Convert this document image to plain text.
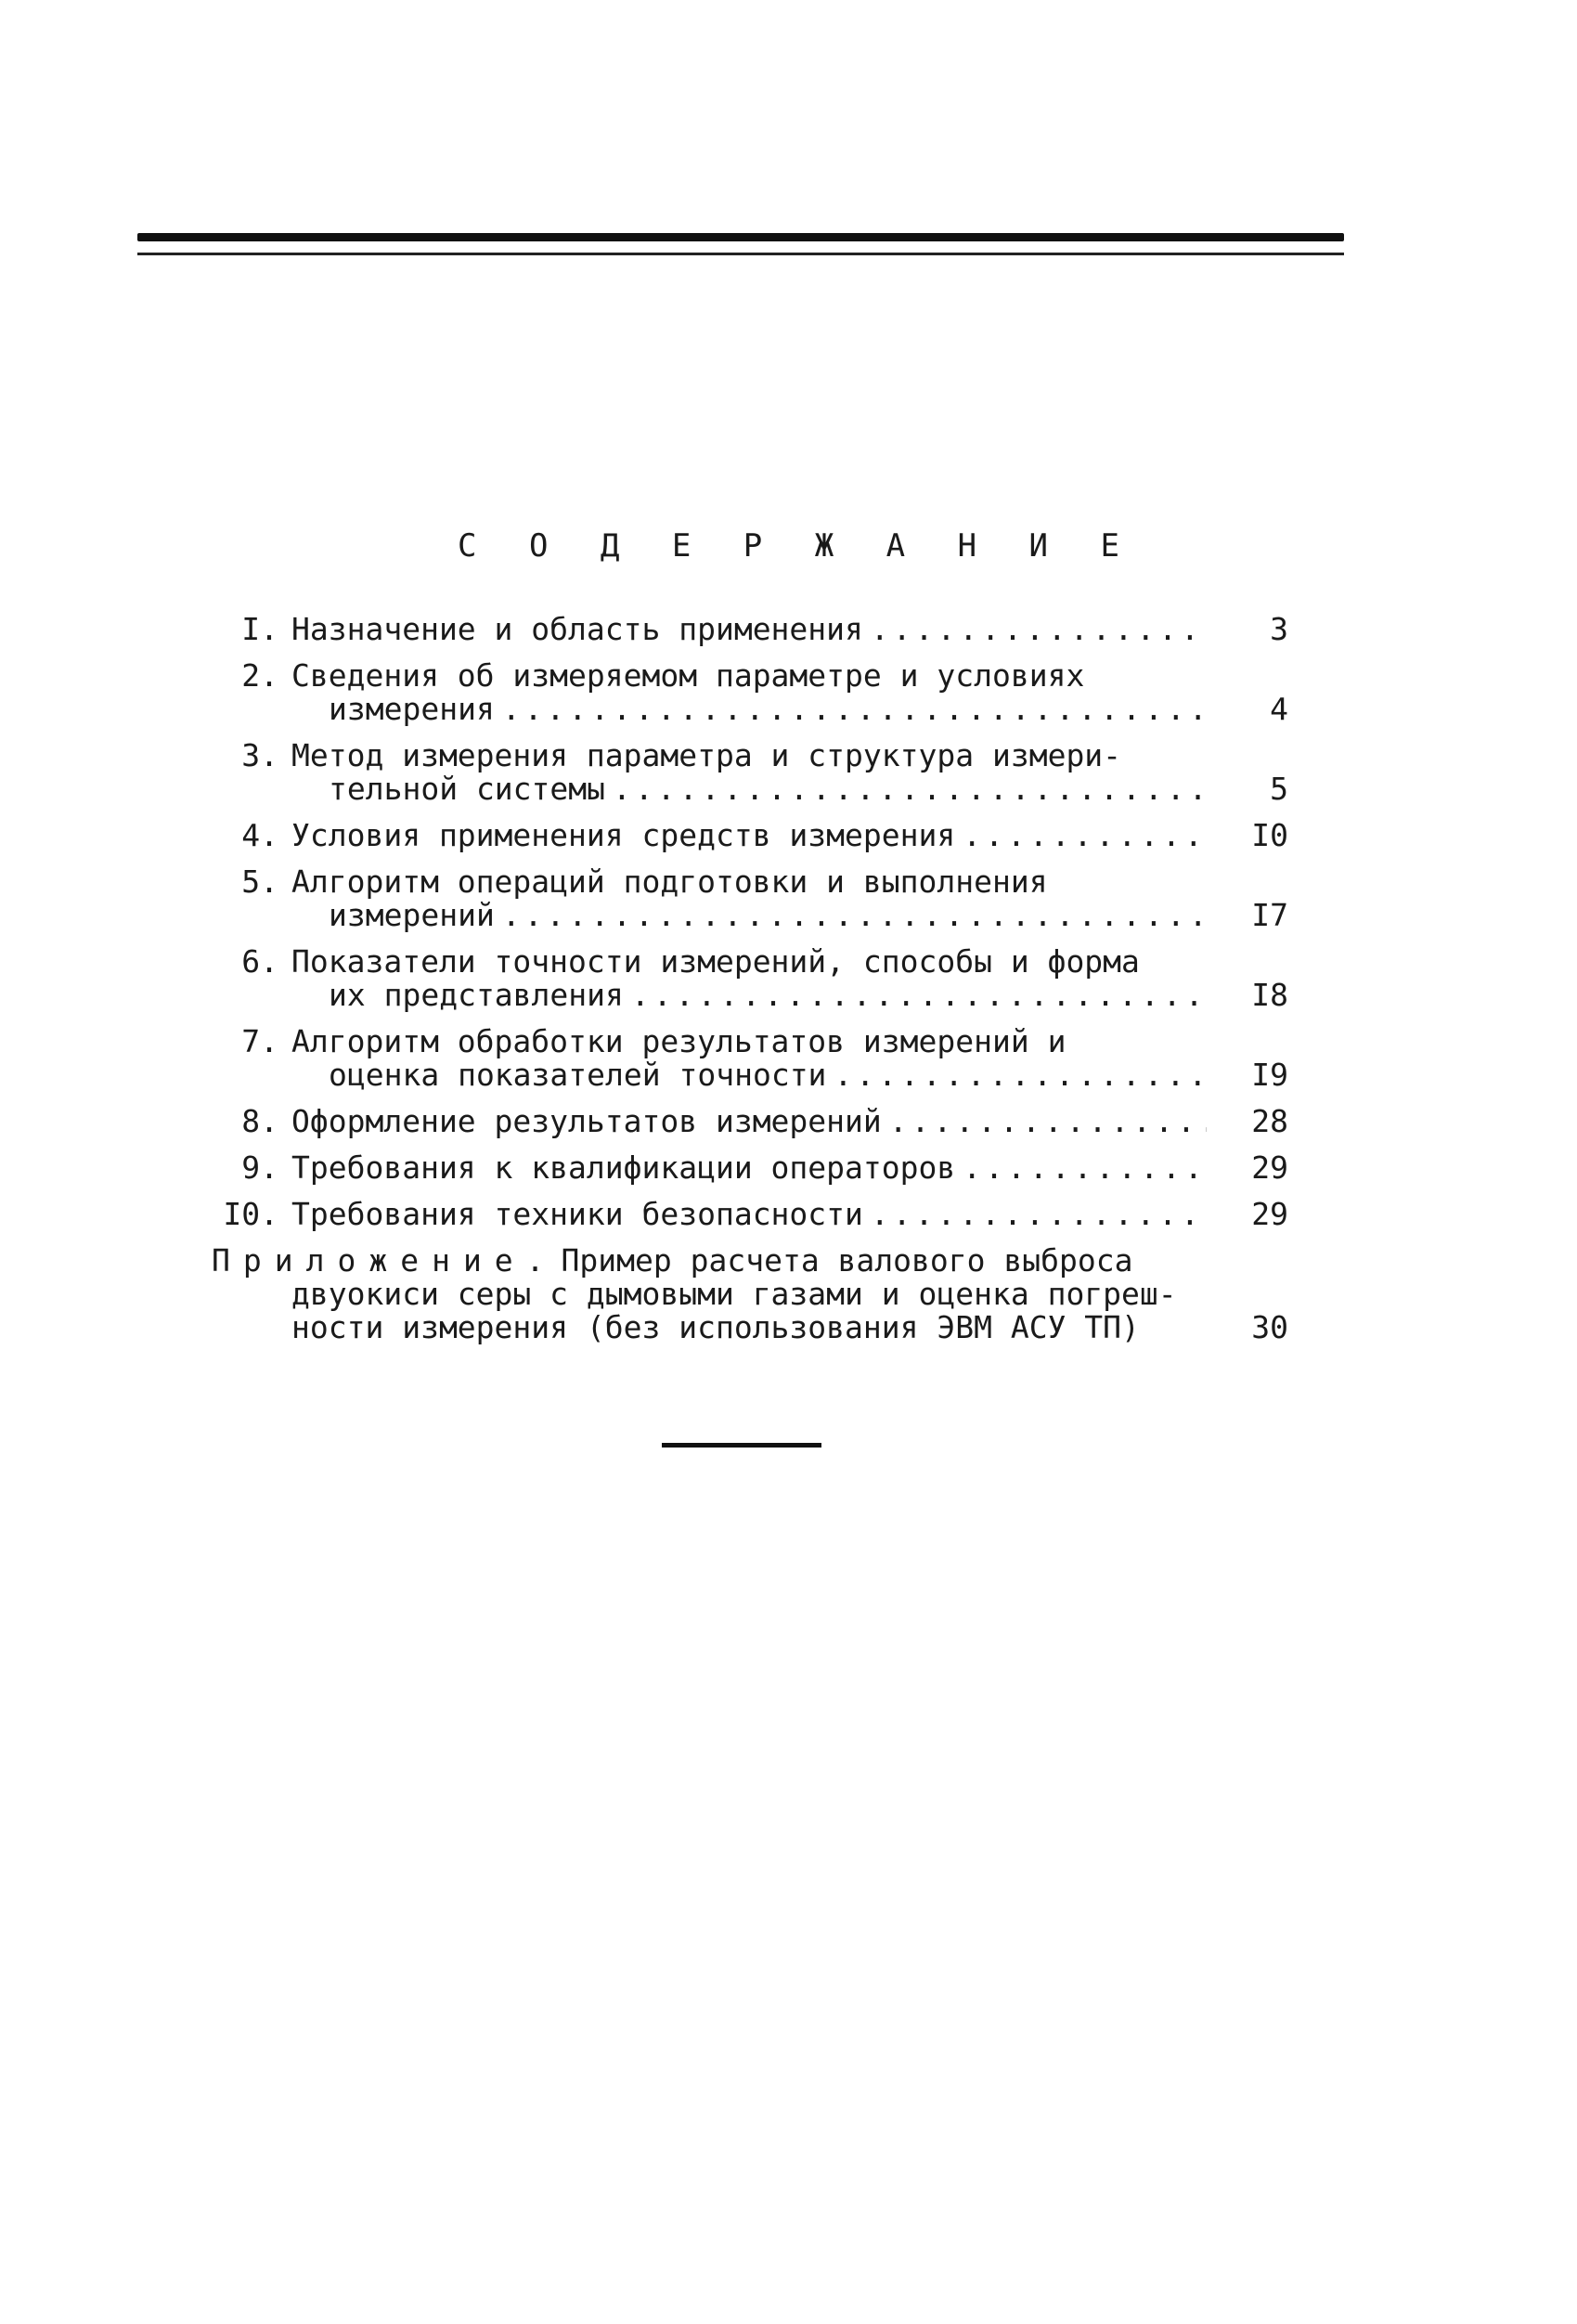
С О Д Е Р Ж А Н И Е
I. Назначение и область применения .....	3
2. Сведения об измеряемом параметре и условиях
измерения .....	4
3. Метод измерения параметра и структура измери-
тельной системы .....	5
4. Условия применения средств измерения .....	I0
5. Алгоритм операций подготовки и выполнения
измерений .....	I7
6. Показатели точности измерений, способы и форма
их представления .....	I8
7. Алгоритм обработки результатов измерений и
оценка показателей точности .....	I9
8. Оформление результатов измерений .....	28
9. Требования к квалификации операторов .....	29
I0. Требования техники безопасности .....	29
Приложение. Пример расчета валового выброса
двуокиси серы с дымовыми газами и оценка погреш-
ности измерения (без использования ЭВМ АСУ ТП)	30
